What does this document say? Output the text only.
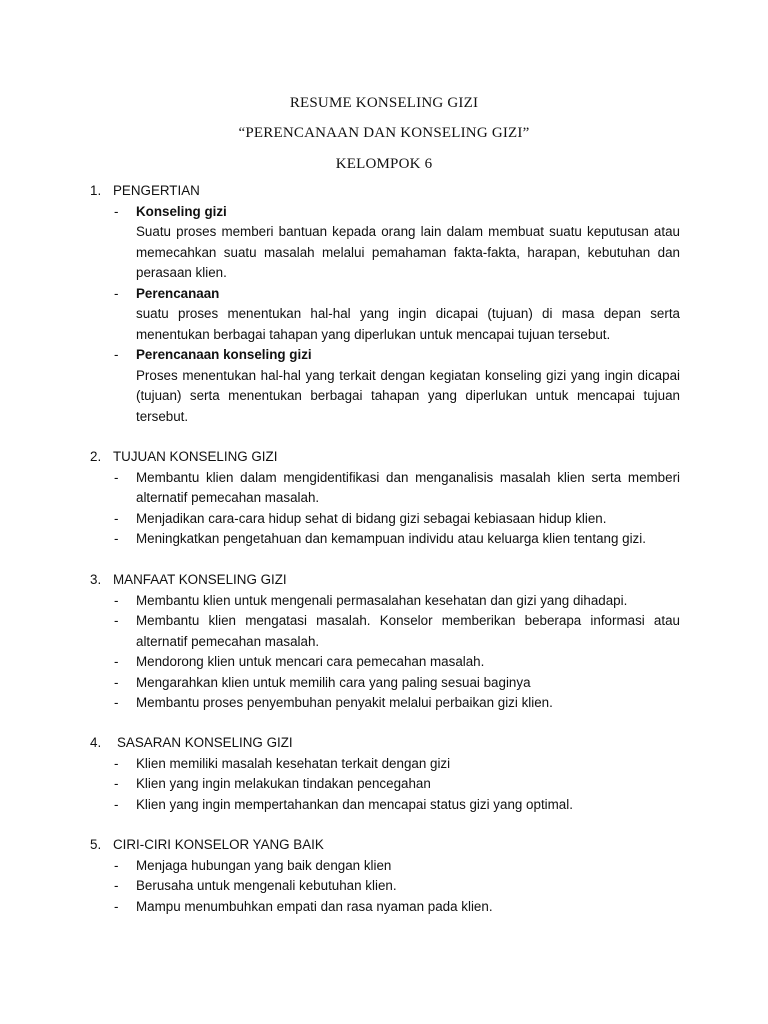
RESUME KONSELING GIZI
“PERENCANAAN DAN KONSELING GIZI”
KELOMPOK 6
1. PENGERTIAN
- Konseling gizi
Suatu proses memberi bantuan kepada orang lain dalam membuat suatu keputusan atau memecahkan suatu masalah melalui pemahaman fakta-fakta, harapan, kebutuhan dan perasaan klien.
- Perencanaan
suatu proses menentukan hal-hal yang ingin dicapai (tujuan) di masa depan serta menentukan berbagai tahapan yang diperlukan untuk mencapai tujuan tersebut.
- Perencanaan konseling gizi
Proses menentukan hal-hal yang terkait dengan kegiatan konseling gizi yang ingin dicapai (tujuan) serta menentukan berbagai tahapan yang diperlukan untuk mencapai tujuan tersebut.
2. TUJUAN KONSELING GIZI
- Membantu klien dalam mengidentifikasi dan menganalisis masalah klien serta memberi alternatif pemecahan masalah.
- Menjadikan cara-cara hidup sehat di bidang gizi sebagai kebiasaan hidup klien.
- Meningkatkan pengetahuan dan kemampuan individu atau keluarga klien tentang gizi.
3. MANFAAT KONSELING GIZI
- Membantu klien untuk mengenali permasalahan kesehatan dan gizi yang dihadapi.
- Membantu klien mengatasi masalah. Konselor memberikan beberapa informasi atau alternatif pemecahan masalah.
- Mendorong klien untuk mencari cara pemecahan masalah.
- Mengarahkan klien untuk memilih cara yang paling sesuai baginya
- Membantu proses penyembuhan penyakit melalui perbaikan gizi klien.
4. SASARAN KONSELING GIZI
- Klien memiliki masalah kesehatan terkait dengan gizi
- Klien yang ingin melakukan tindakan pencegahan
- Klien yang ingin mempertahankan dan mencapai status gizi yang optimal.
5. CIRI-CIRI KONSELOR YANG BAIK
- Menjaga hubungan yang baik dengan klien
- Berusaha untuk mengenali kebutuhan klien.
- Mampu menumbuhkan empati dan rasa nyaman pada klien.
